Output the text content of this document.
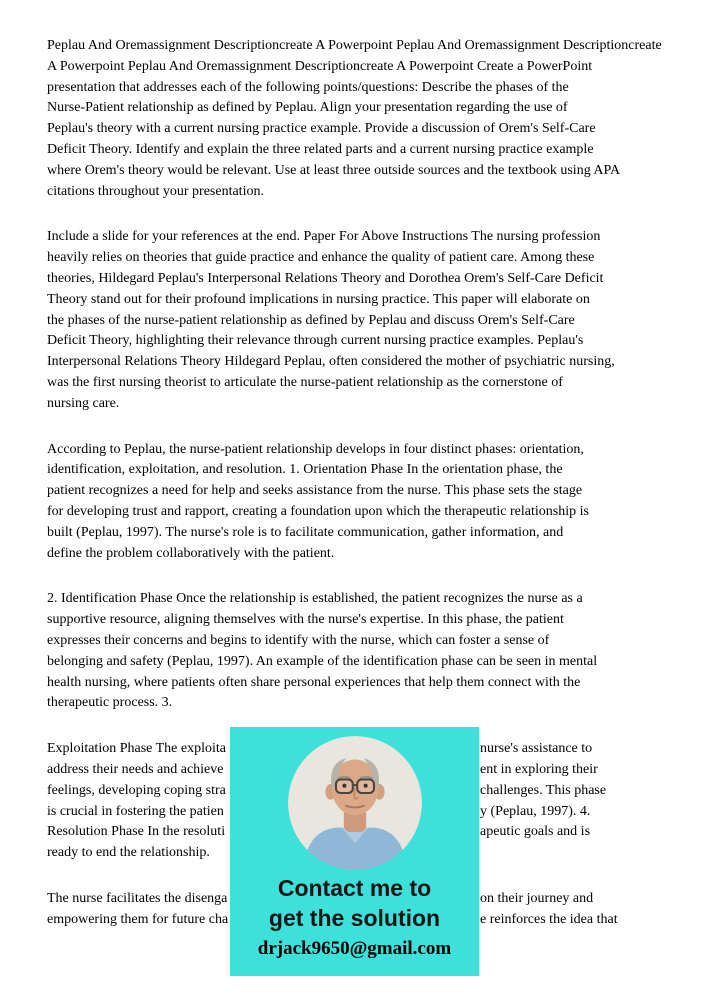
Peplau And Oremassignment Descriptioncreate A Powerpoint Peplau And Oremassignment Descriptioncreate
A Powerpoint Peplau And Oremassignment Descriptioncreate A Powerpoint Create a PowerPoint
presentation that addresses each of the following points/questions: Describe the phases of the
Nurse-Patient relationship as defined by Peplau. Align your presentation regarding the use of
Peplau's theory with a current nursing practice example. Provide a discussion of Orem's Self-Care
Deficit Theory. Identify and explain the three related parts and a current nursing practice example
where Orem's theory would be relevant. Use at least three outside sources and the textbook using APA
citations throughout your presentation.
Include a slide for your references at the end. Paper For Above Instructions The nursing profession
heavily relies on theories that guide practice and enhance the quality of patient care. Among these
theories, Hildegard Peplau's Interpersonal Relations Theory and Dorothea Orem's Self-Care Deficit
Theory stand out for their profound implications in nursing practice. This paper will elaborate on
the phases of the nurse-patient relationship as defined by Peplau and discuss Orem's Self-Care
Deficit Theory, highlighting their relevance through current nursing practice examples. Peplau's
Interpersonal Relations Theory Hildegard Peplau, often considered the mother of psychiatric nursing,
was the first nursing theorist to articulate the nurse-patient relationship as the cornerstone of
nursing care.
According to Peplau, the nurse-patient relationship develops in four distinct phases: orientation,
identification, exploitation, and resolution. 1. Orientation Phase In the orientation phase, the
patient recognizes a need for help and seeks assistance from the nurse. This phase sets the stage
for developing trust and rapport, creating a foundation upon which the therapeutic relationship is
built (Peplau, 1997). The nurse's role is to facilitate communication, gather information, and
define the problem collaboratively with the patient.
2. Identification Phase Once the relationship is established, the patient recognizes the nurse as a
supportive resource, aligning themselves with the nurse's expertise. In this phase, the patient
expresses their concerns and begins to identify with the nurse, which can foster a sense of
belonging and safety (Peplau, 1997). An example of the identification phase can be seen in mental
health nursing, where patients often share personal experiences that help them connect with the
therapeutic process. 3.
Exploitation Phase The exploita	nurse's assistance to
address their needs and achieve	ent in exploring their
feelings, developing coping stra	challenges. This phase
is crucial in fostering the patien	y (Peplau, 1997). 4.
Resolution Phase In the resoluti	apeutic goals and is
ready to end the relationship.
The nurse facilitates the disenga	on their journey and
empowering them for future cha	e reinforces the idea that
Contact me to
get the solution
drjack9650@gmail.com
